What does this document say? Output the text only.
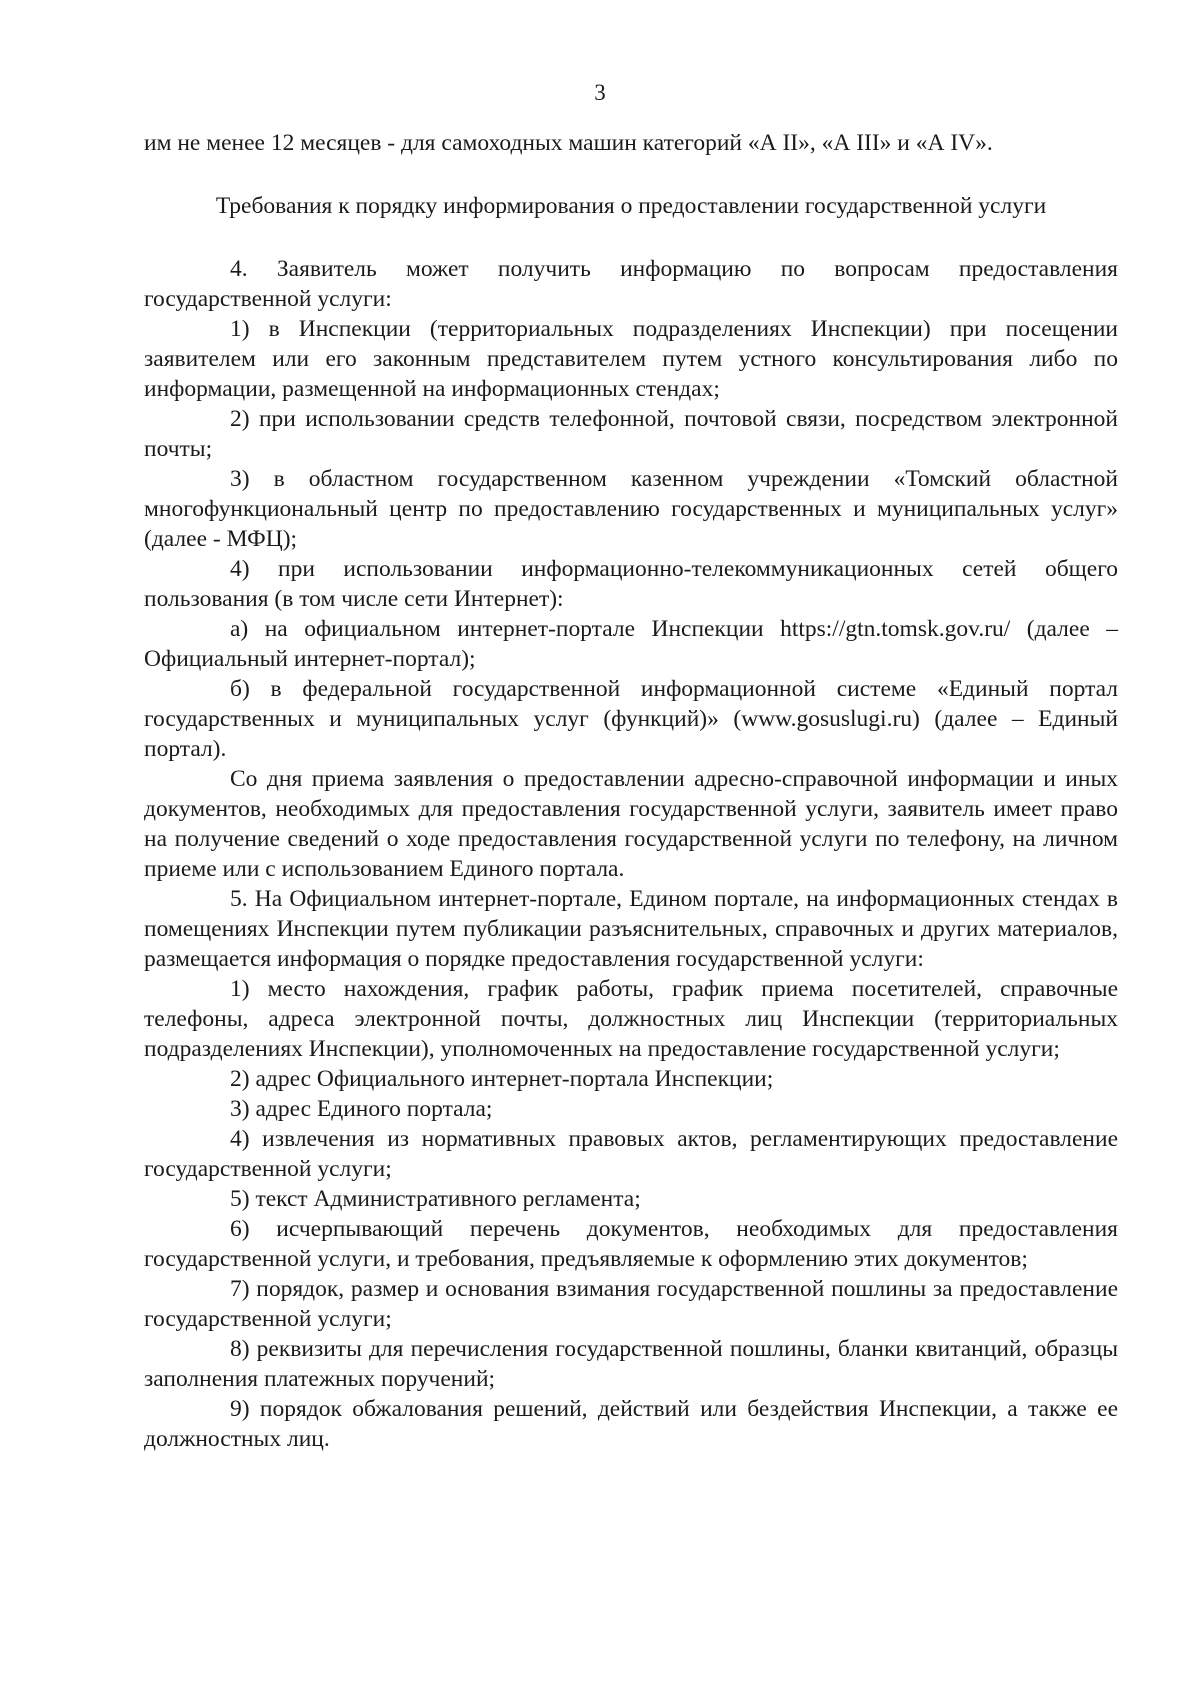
3

им не менее 12 месяцев - для самоходных машин категорий «А II», «А III» и «А IV».

Требования к порядку информирования о предоставлении государственной услуги

4. Заявитель может получить информацию по вопросам предоставления государственной услуги:

1) в Инспекции (территориальных подразделениях Инспекции) при посещении заявителем или его законным представителем путем устного консультирования либо по информации, размещенной на информационных стендах;

2) при использовании средств телефонной, почтовой связи, посредством электронной почты;

3) в областном государственном казенном учреждении «Томский областной многофункциональный центр по предоставлению государственных и муниципальных услуг» (далее - МФЦ);

4) при использовании информационно-телекоммуникационных сетей общего пользования (в том числе сети Интернет):

а) на официальном интернет-портале Инспекции https://gtn.tomsk.gov.ru/ (далее – Официальный интернет-портал);

б) в федеральной государственной информационной системе «Единый портал государственных и муниципальных услуг (функций)» (www.gosuslugi.ru) (далее – Единый портал).

Со дня приема заявления о предоставлении адресно-справочной информации и иных документов, необходимых для предоставления государственной услуги, заявитель имеет право на получение сведений о ходе предоставления государственной услуги по телефону, на личном приеме или с использованием Единого портала.

5. На Официальном интернет-портале, Едином портале, на информационных стендах в помещениях Инспекции путем публикации разъяснительных, справочных и других материалов, размещается информация о порядке предоставления государственной услуги:

1) место нахождения, график работы, график приема посетителей, справочные телефоны, адреса электронной почты, должностных лиц Инспекции (территориальных подразделениях Инспекции), уполномоченных на предоставление государственной услуги;

2) адрес Официального интернет-портала Инспекции;

3) адрес Единого портала;

4) извлечения из нормативных правовых актов, регламентирующих предоставление государственной услуги;

5) текст Административного регламента;

6) исчерпывающий перечень документов, необходимых для предоставления государственной услуги, и требования, предъявляемые к оформлению этих документов;

7) порядок, размер и основания взимания государственной пошлины за предоставление государственной услуги;

8) реквизиты для перечисления государственной пошлины, бланки квитанций, образцы заполнения платежных поручений;

9) порядок обжалования решений, действий или бездействия Инспекции, а также ее должностных лиц.
